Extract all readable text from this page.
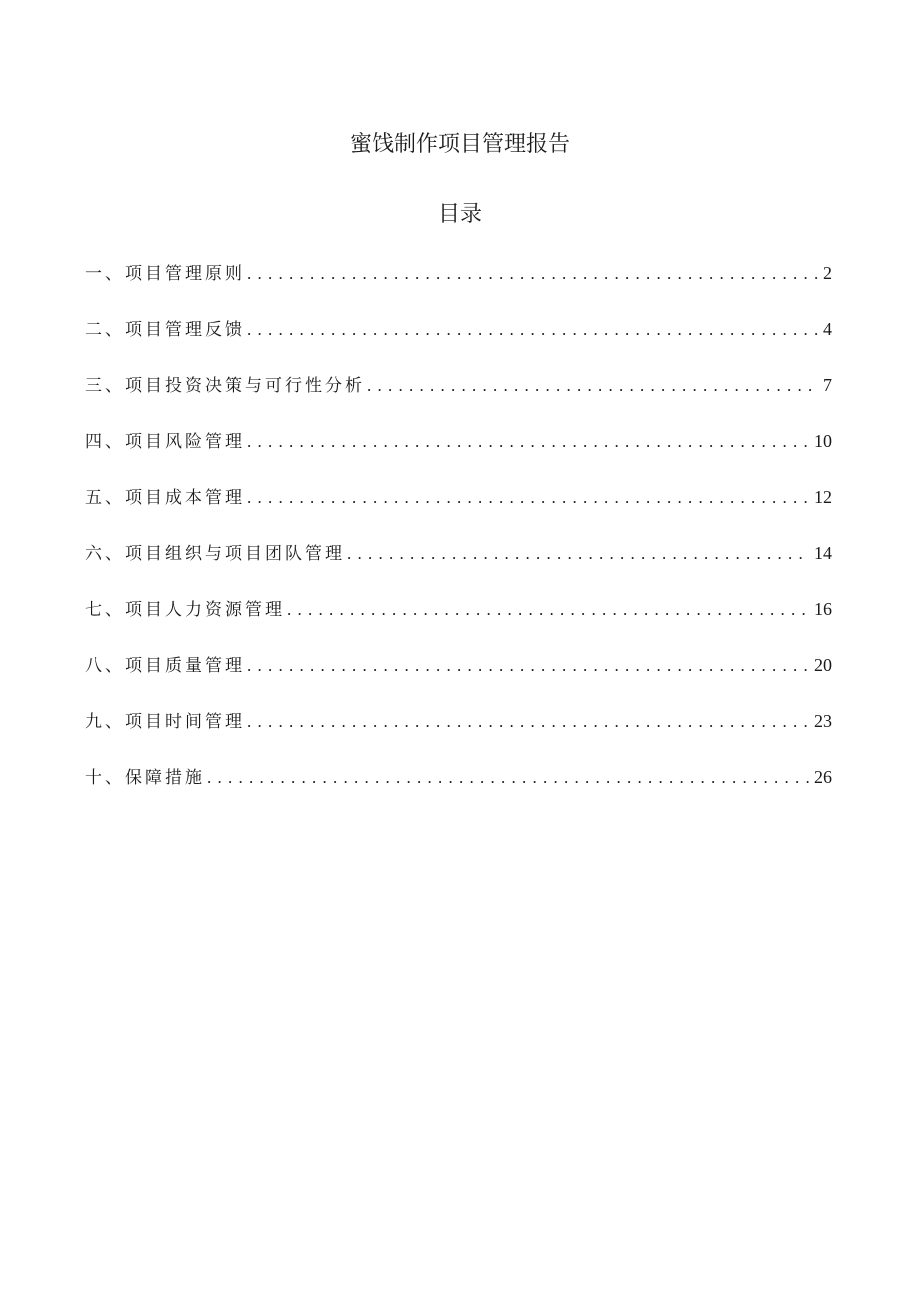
蜜饯制作项目管理报告
目录
一、项目管理原则 . . .	2
二、项目管理反馈 . . .	4
三、项目投资决策与可行性分析 . . .	7
四、项目风险管理 . . .	10
五、项目成本管理 . . .	12
六、项目组织与项目团队管理 . . .	14
七、项目人力资源管理 . . .	16
八、项目质量管理 . . .	20
九、项目时间管理 . . .	23
十、保障措施 . . .	26
